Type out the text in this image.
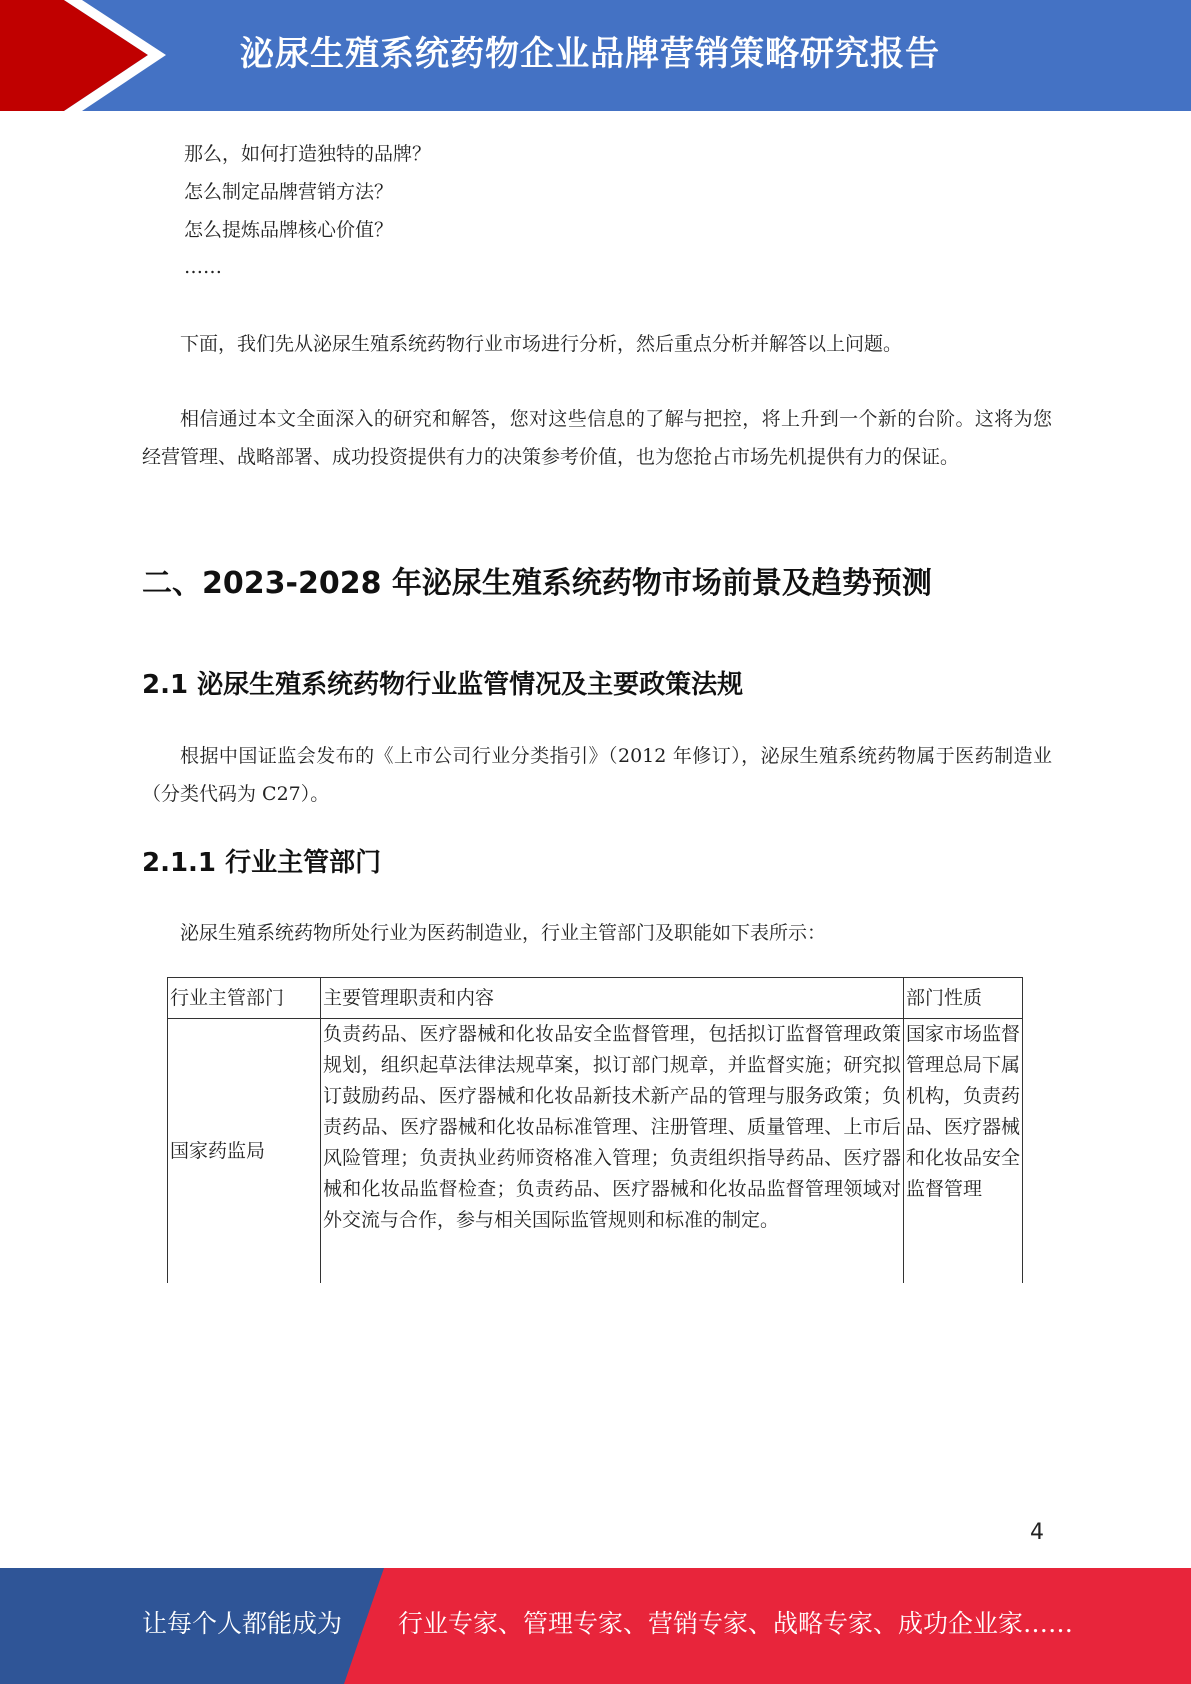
泌尿生殖系统药物企业品牌营销策略研究报告
那么，如何打造独特的品牌？
怎么制定品牌营销方法？
怎么提炼品牌核心价值？
……
下面，我们先从泌尿生殖系统药物行业市场进行分析，然后重点分析并解答以上问题。
相信通过本文全面深入的研究和解答，您对这些信息的了解与把控，将上升到一个新的台阶。这将为您经营管理、战略部署、成功投资提供有力的决策参考价值，也为您抢占市场先机提供有力的保证。
二、2023-2028 年泌尿生殖系统药物市场前景及趋势预测
2.1 泌尿生殖系统药物行业监管情况及主要政策法规
根据中国证监会发布的《上市公司行业分类指引》（2012 年修订），泌尿生殖系统药物属于医药制造业（分类代码为 C27）。
2.1.1 行业主管部门
泌尿生殖系统药物所处行业为医药制造业，行业主管部门及职能如下表所示：
行业主管部门	主要管理职责和内容	部门性质
国家药监局	负责药品、医疗器械和化妆品安全监督管理，包括拟订监督管理政策规划，组织起草法律法规草案，拟订部门规章，并监督实施；研究拟订鼓励药品、医疗器械和化妆品新技术新产品的管理与服务政策；负责药品、医疗器械和化妆品标准管理、注册管理、质量管理、上市后风险管理；负责执业药师资格准入管理；负责组织指导药品、医疗器械和化妆品监督检查；负责药品、医疗器械和化妆品监督管理领域对外交流与合作，参与相关国际监管规则和标准的制定。	国家市场监督管理总局下属机构，负责药品、医疗器械和化妆品安全监督管理
4
让每个人都能成为 行业专家、管理专家、营销专家、战略专家、成功企业家……
